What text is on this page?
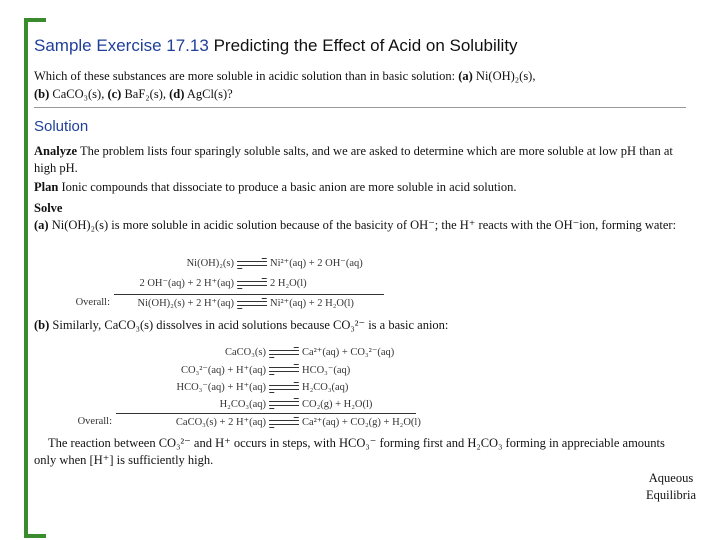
Sample Exercise 17.13 Predicting the Effect of Acid on Solubility
Which of these substances are more soluble in acidic solution than in basic solution: (a) Ni(OH)₂(s),
(b) CaCO₃(s), (c) BaF₂(s), (d) AgCl(s)?
Solution
Analyze The problem lists four sparingly soluble salts, and we are asked to determine which are more soluble at low pH than at high pH.
Plan Ionic compounds that dissociate to produce a basic anion are more soluble in acid solution.
Solve
(a) Ni(OH)₂(s) is more soluble in acidic solution because of the basicity of OH⁻; the H⁺ reacts with the OH⁻ion, forming water:
Ni(OH)₂(s) → Ni²⁺(aq) + 2 OH⁻(aq)
2 OH⁻(aq) + 2 H⁺(aq) → 2 H₂O(l)
Overall:	Ni(OH)₂(s) + 2 H⁺(aq) → Ni²⁺(aq) + 2 H₂O(l)
(b) Similarly, CaCO₃(s) dissolves in acid solutions because CO₃²⁻ is a basic anion:
CaCO₃(s) → Ca²⁺(aq) + CO₃²⁻(aq)
CO₃²⁻(aq) + H⁺(aq) → HCO₃⁻(aq)
HCO₃⁻(aq) + H⁺(aq) → H₂CO₃(aq)
H₂CO₃(aq) → CO₂(g) + H₂O(l)
Overall:	CaCO₃(s) + 2 H⁺(aq) → Ca²⁺(aq) + CO₂(g) + H₂O(l)
The reaction between CO₃²⁻ and H⁺ occurs in steps, with HCO₃⁻ forming first and H₂CO₃ forming in appreciable amounts only when [H⁺] is sufficiently high.
Aqueous
Equilibria
